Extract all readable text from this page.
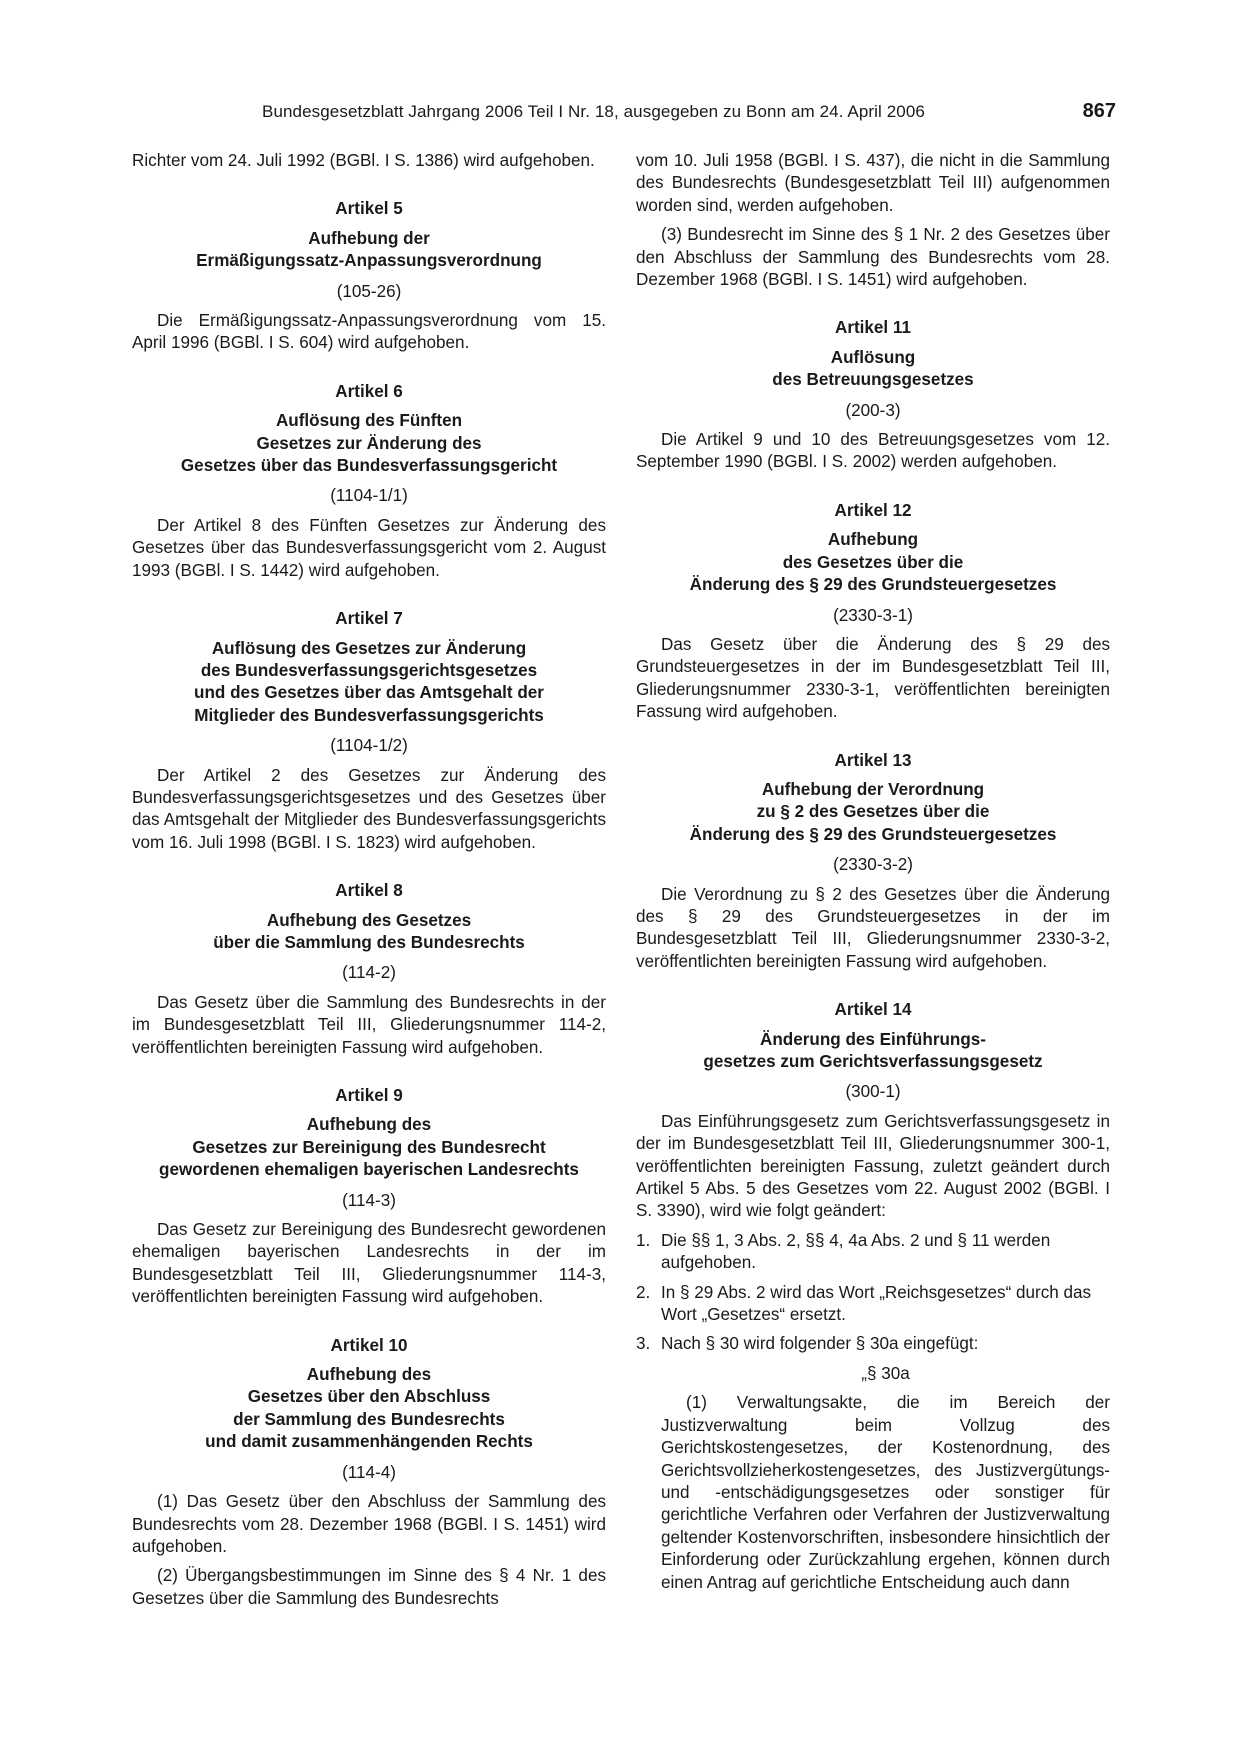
Bundesgesetzblatt Jahrgang 2006 Teil I Nr. 18, ausgegeben zu Bonn am 24. April 2006	867

Richter vom 24. Juli 1992 (BGBl. I S. 1386) wird aufgehoben.

Artikel 5
Aufhebung der
Ermäßigungssatz-Anpassungsverordnung
(105-26)

Die Ermäßigungssatz-Anpassungsverordnung vom 15. April 1996 (BGBl. I S. 604) wird aufgehoben.

Artikel 6
Auflösung des Fünften
Gesetzes zur Änderung des
Gesetzes über das Bundesverfassungsgericht
(1104-1/1)

Der Artikel 8 des Fünften Gesetzes zur Änderung des Gesetzes über das Bundesverfassungsgericht vom 2. August 1993 (BGBl. I S. 1442) wird aufgehoben.

Artikel 7
Auflösung des Gesetzes zur Änderung
des Bundesverfassungsgerichtsgesetzes
und des Gesetzes über das Amtsgehalt der
Mitglieder des Bundesverfassungsgerichts
(1104-1/2)

Der Artikel 2 des Gesetzes zur Änderung des Bundesverfassungsgerichtsgesetzes und des Gesetzes über das Amtsgehalt der Mitglieder des Bundesverfassungsgerichts vom 16. Juli 1998 (BGBl. I S. 1823) wird aufgehoben.

Artikel 8
Aufhebung des Gesetzes
über die Sammlung des Bundesrechts
(114-2)

Das Gesetz über die Sammlung des Bundesrechts in der im Bundesgesetzblatt Teil III, Gliederungsnummer 114-2, veröffentlichten bereinigten Fassung wird aufgehoben.

Artikel 9
Aufhebung des
Gesetzes zur Bereinigung des Bundesrecht
gewordenen ehemaligen bayerischen Landesrechts
(114-3)

Das Gesetz zur Bereinigung des Bundesrecht gewordenen ehemaligen bayerischen Landesrechts in der im Bundesgesetzblatt Teil III, Gliederungsnummer 114-3, veröffentlichten bereinigten Fassung wird aufgehoben.

Artikel 10
Aufhebung des
Gesetzes über den Abschluss
der Sammlung des Bundesrechts
und damit zusammenhängenden Rechts
(114-4)

(1) Das Gesetz über den Abschluss der Sammlung des Bundesrechts vom 28. Dezember 1968 (BGBl. I S. 1451) wird aufgehoben.

(2) Übergangsbestimmungen im Sinne des § 4 Nr. 1 des Gesetzes über die Sammlung des Bundesrechts

vom 10. Juli 1958 (BGBl. I S. 437), die nicht in die Sammlung des Bundesrechts (Bundesgesetzblatt Teil III) aufgenommen worden sind, werden aufgehoben.

(3) Bundesrecht im Sinne des § 1 Nr. 2 des Gesetzes über den Abschluss der Sammlung des Bundesrechts vom 28. Dezember 1968 (BGBl. I S. 1451) wird aufgehoben.

Artikel 11
Auflösung
des Betreuungsgesetzes
(200-3)

Die Artikel 9 und 10 des Betreuungsgesetzes vom 12. September 1990 (BGBl. I S. 2002) werden aufgehoben.

Artikel 12
Aufhebung
des Gesetzes über die
Änderung des § 29 des Grundsteuergesetzes
(2330-3-1)

Das Gesetz über die Änderung des § 29 des Grundsteuergesetzes in der im Bundesgesetzblatt Teil III, Gliederungsnummer 2330-3-1, veröffentlichten bereinigten Fassung wird aufgehoben.

Artikel 13
Aufhebung der Verordnung
zu § 2 des Gesetzes über die
Änderung des § 29 des Grundsteuergesetzes
(2330-3-2)

Die Verordnung zu § 2 des Gesetzes über die Änderung des § 29 des Grundsteuergesetzes in der im Bundesgesetzblatt Teil III, Gliederungsnummer 2330-3-2, veröffentlichten bereinigten Fassung wird aufgehoben.

Artikel 14
Änderung des Einführungs-
gesetzes zum Gerichtsverfassungsgesetz
(300-1)

Das Einführungsgesetz zum Gerichtsverfassungsgesetz in der im Bundesgesetzblatt Teil III, Gliederungsnummer 300-1, veröffentlichten bereinigten Fassung, zuletzt geändert durch Artikel 5 Abs. 5 des Gesetzes vom 22. August 2002 (BGBl. I S. 3390), wird wie folgt geändert:

1. Die §§ 1, 3 Abs. 2, §§ 4, 4a Abs. 2 und § 11 werden aufgehoben.
2. In § 29 Abs. 2 wird das Wort „Reichsgesetzes“ durch das Wort „Gesetzes“ ersetzt.
3. Nach § 30 wird folgender § 30a eingefügt:
„§ 30a

(1) Verwaltungsakte, die im Bereich der Justizverwaltung beim Vollzug des Gerichtskostengesetzes, der Kostenordnung, des Gerichtsvollzieherkostengesetzes, des Justizvergütungs- und -entschädigungsgesetzes oder sonstiger für gerichtliche Verfahren oder Verfahren der Justizverwaltung geltender Kostenvorschriften, insbesondere hinsichtlich der Einforderung oder Zurückzahlung ergehen, können durch einen Antrag auf gerichtliche Entscheidung auch dann
